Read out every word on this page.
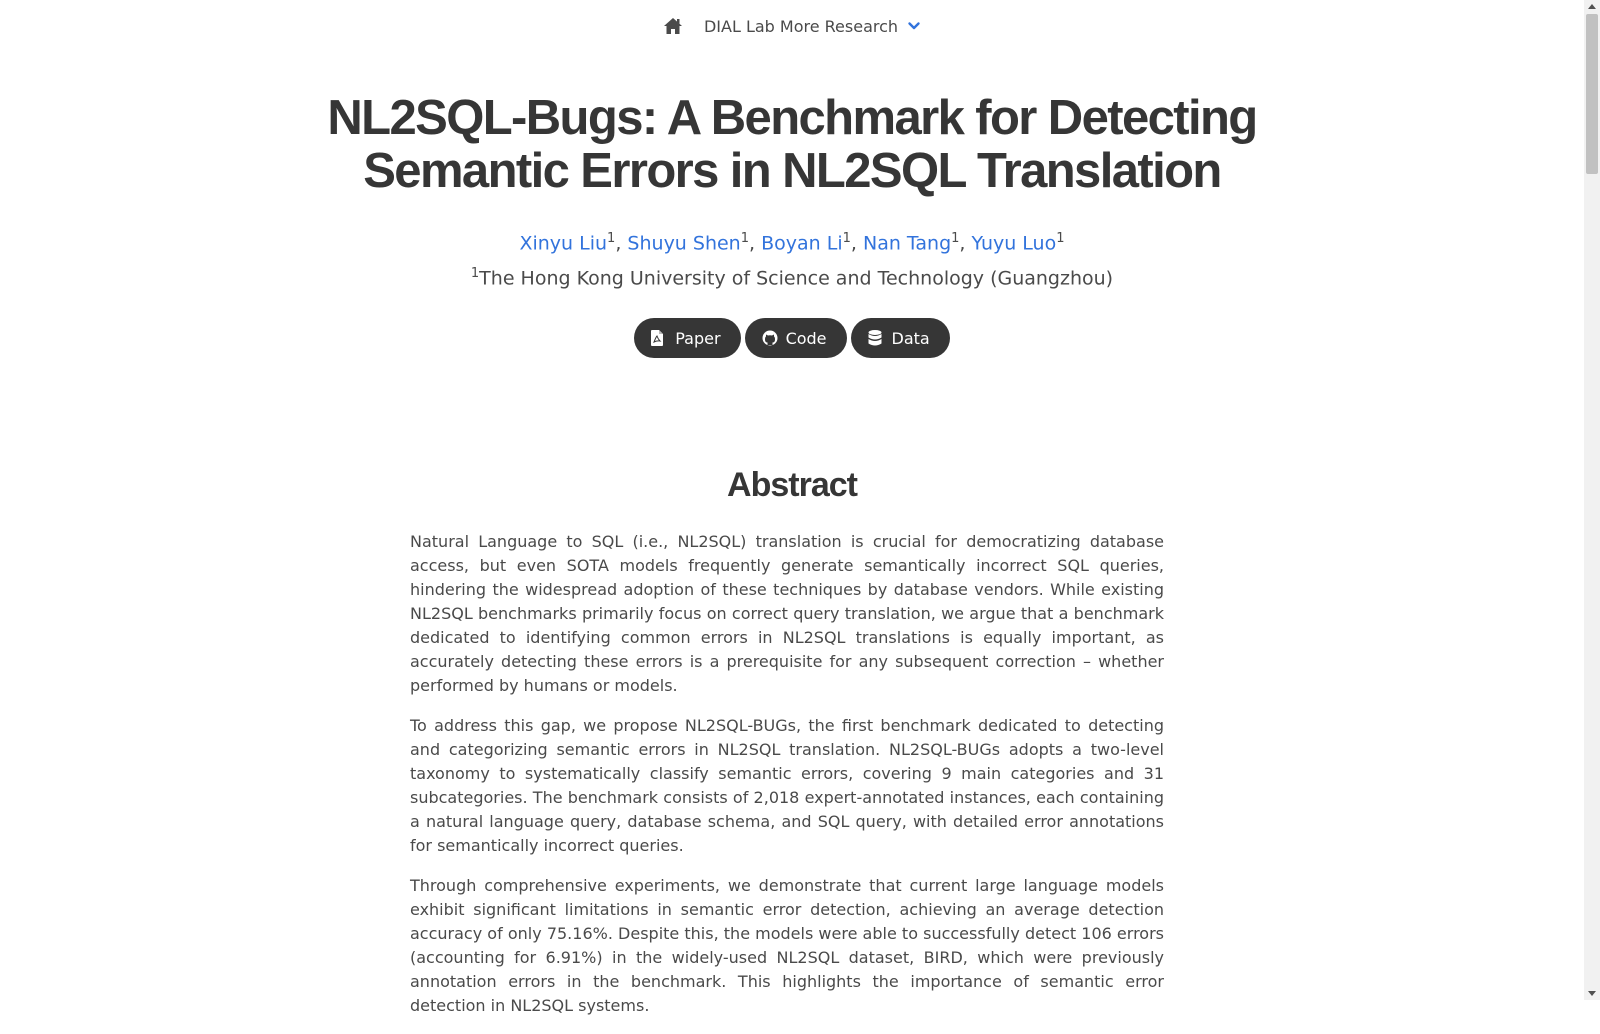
DIAL Lab More Research
NL2SQL-Bugs: A Benchmark for Detecting
Semantic Errors in NL2SQL Translation
Xinyu Liu$^1$, Shuyu Shen$^1$, Boyan Li$^1$, Nan Tang$^1$, Yuyu Luo$^1$
$^1$The Hong Kong University of Science and Technology (Guangzhou)
Paper	Code	Data
Abstract

Natural Language to SQL (i.e., NL2SQL) translation is crucial for democratizing database access, but even SOTA models frequently generate semantically incorrect SQL queries, hindering the widespread adoption of these techniques by database vendors. While existing NL2SQL benchmarks primarily focus on correct query translation, we argue that a benchmark dedicated to identifying common errors in NL2SQL translations is equally important, as accurately detecting these errors is a prerequisite for any subsequent correction – whether performed by humans or models.

To address this gap, we propose NL2SQL-BUGs, the first benchmark dedicated to detecting and categorizing semantic errors in NL2SQL translation. NL2SQL-BUGs adopts a two-level taxonomy to systematically classify semantic errors, covering 9 main categories and 31 subcategories. The benchmark consists of 2,018 expert-annotated instances, each containing a natural language query, database schema, and SQL query, with detailed error annotations for semantically incorrect queries.

Through comprehensive experiments, we demonstrate that current large language models exhibit significant limitations in semantic error detection, achieving an average detection accuracy of only 75.16%. Despite this, the models were able to successfully detect 106 errors (accounting for 6.91%) in the widely-used NL2SQL dataset, BIRD, which were previously annotation errors in the benchmark. This highlights the importance of semantic error detection in NL2SQL systems.
